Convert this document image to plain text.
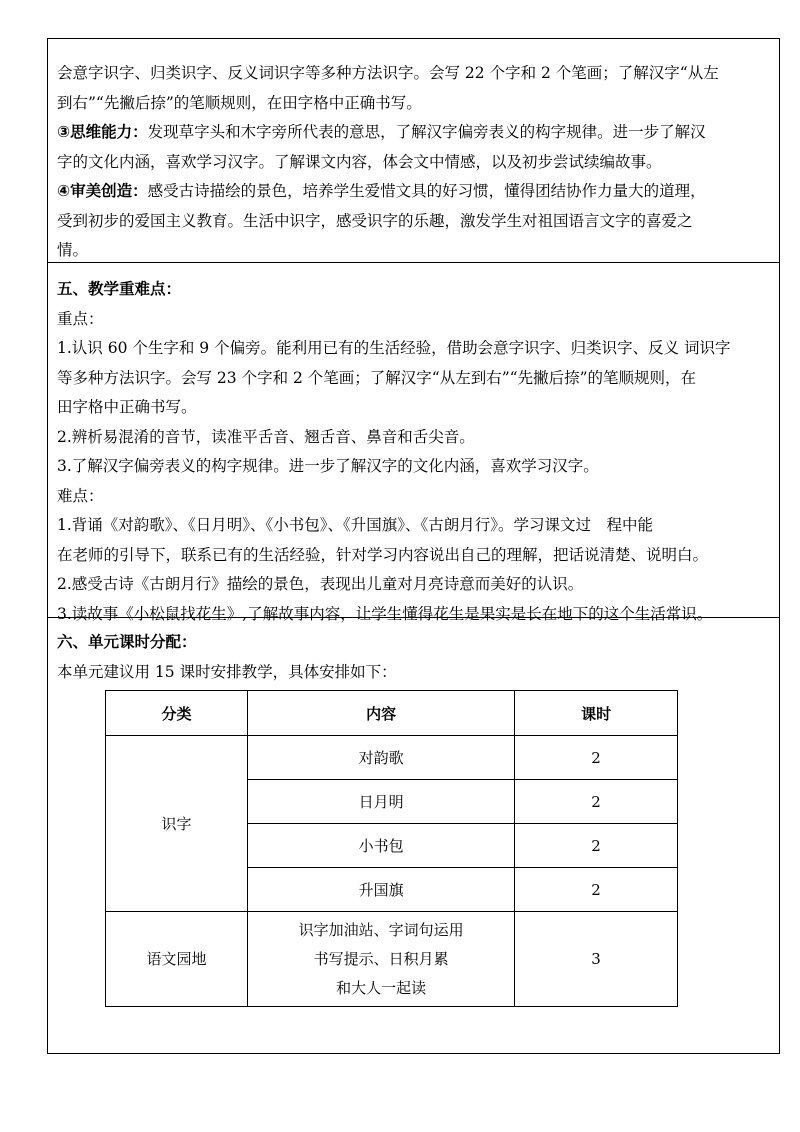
会意字识字、归类识字、反义词识字等多种方法识字。会写 22 个字和 2 个笔画；了解汉字“从左

到右”“先撇后捺”的笔顺规则，在田字格中正确书写。

③思维能力：发现草字头和木字旁所代表的意思，了解汉字偏旁表义的构字规律。进一步了解汉

字的文化内涵，喜欢学习汉字。了解课文内容，体会文中情感，以及初步尝试续编故事。

④审美创造：感受古诗描绘的景色，培养学生爱惜文具的好习惯，懂得团结协作力量大的道理，

受到初步的爱国主义教育。生活中识字，感受识字的乐趣，激发学生对祖国语言文字的喜爱之

情。

五、教学重难点：

重点：

1.认识 60 个生字和 9 个偏旁。能利用已有的生活经验，借助会意字识字、归类识字、反义 词识字

等多种方法识字。会写 23 个字和 2 个笔画；了解汉字“从左到右”“先撇后捺”的笔顺规则，在

田字格中正确书写。

2.辨析易混淆的音节，读准平舌音、翘舌音、鼻音和舌尖音。

3.了解汉字偏旁表义的构字规律。进一步了解汉字的文化内涵，喜欢学习汉字。

难点：

1.背诵《对韵歌》、《日月明》、《小书包》、《升国旗》、《古朗月行》。学习课文过　程中能

在老师的引导下，联系已有的生活经验，针对学习内容说出自己的理解，把话说清楚、说明白。

2.感受古诗《古朗月行》描绘的景色，表现出儿童对月亮诗意而美好的认识。

3.读故事《小松鼠找花生》,了解故事内容，让学生懂得花生是果实是长在地下的这个生活常识。

六、单元课时分配：

本单元建议用 15 课时安排教学，具体安排如下：

分类	内容	课时
识字	对韵歌	2
	日月明	2
	小书包	2
	升国旗	2
语文园地	识字加油站、字词句运用
书写提示、日积月累
和大人一起读	3
